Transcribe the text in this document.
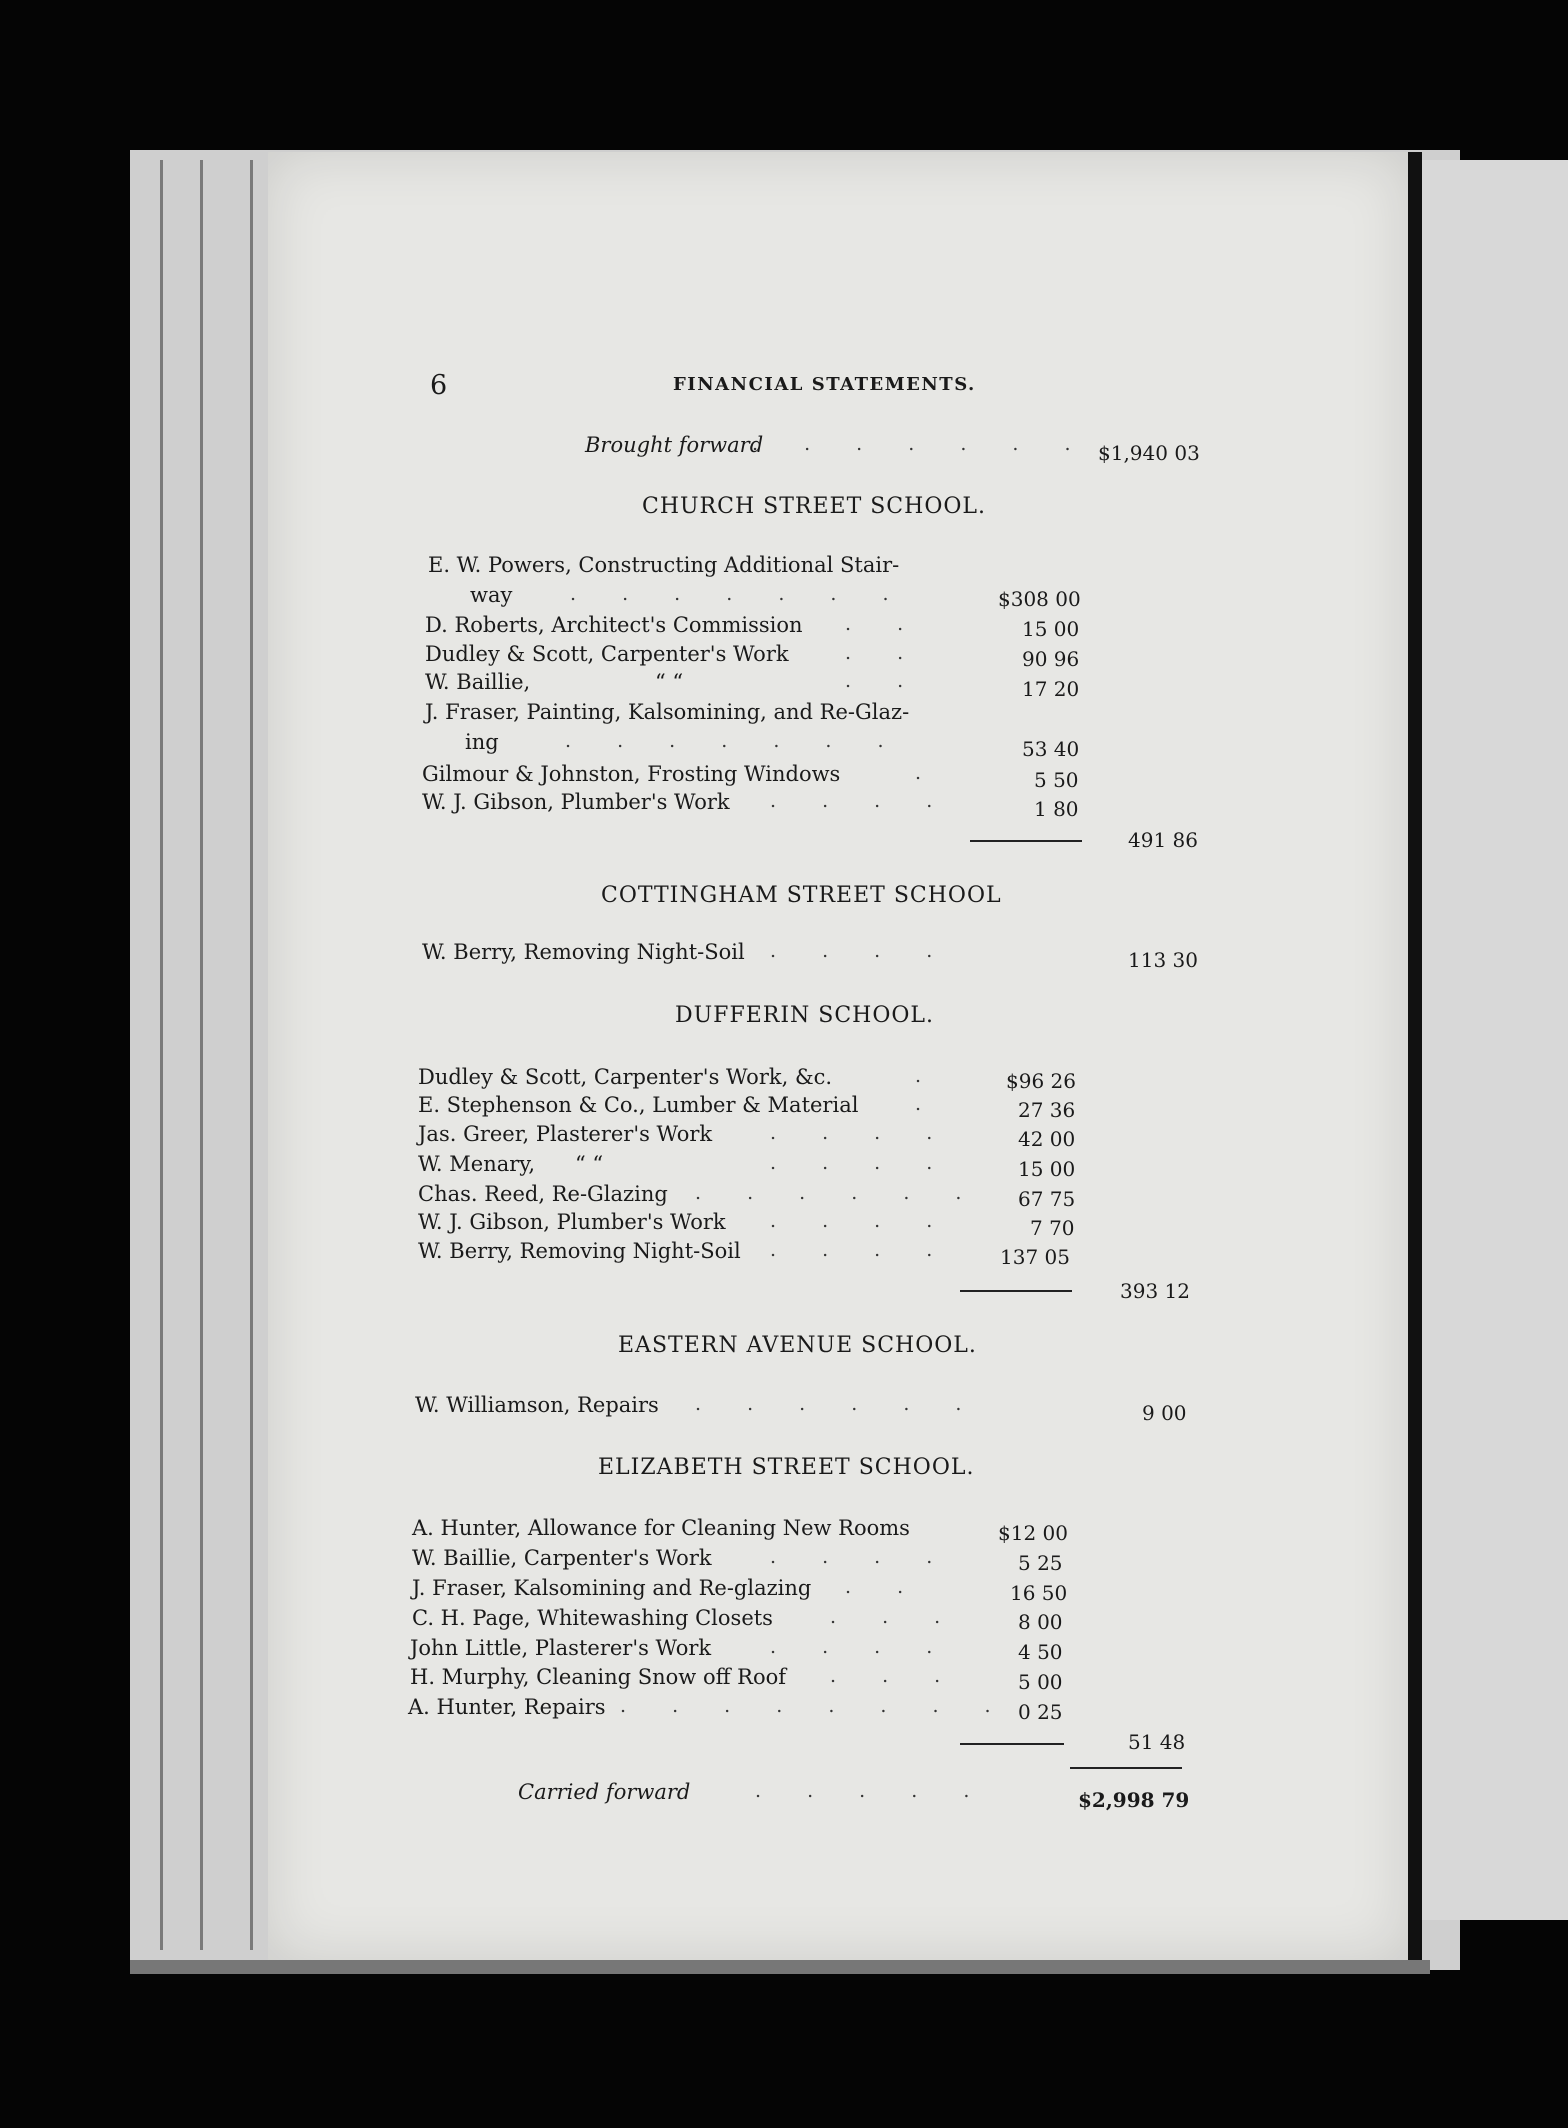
6	FINANCIAL STATEMENTS.
Brought forward
. . . . . . . $1,940 03
CHURCH STREET SCHOOL.
E. W. Powers, Constructing Additional Stair-
way	. . . . . . .	$308 00
D. Roberts, Architect's Commission . .	15 00
Dudley & Scott, Carpenter's Work	. .	90 96
W. Baillie,	“ “	. .	17 20
J. Fraser, Painting, Kalsomining, and Re-Glaz-
ing	. . . . . . .	53 40
Gilmour & Johnston, Frosting Windows	.	5 50
W. J. Gibson, Plumber's Work . . . .	1 80
491 86
COTTINGHAM STREET SCHOOL
W. Berry, Removing Night-Soil . . . .	113 30
DUFFERIN SCHOOL.
Dudley & Scott, Carpenter's Work, &c.	.	$96 26
E. Stephenson & Co., Lumber & Material	.	27 36
Jas. Greer, Plasterer's Work	. . . .	42 00
W. Menary, “ “	. . . .	15 00
Chas. Reed, Re-Glazing . . . . . . 67 75
W. J. Gibson, Plumber's Work . . . .	7 70
W. Berry, Removing Night-Soil . . . . 137 05
393 12
EASTERN AVENUE SCHOOL.
W. Williamson, Repairs . . . . . .	9 00
ELIZABETH STREET SCHOOL.
A. Hunter, Allowance for Cleaning New Rooms	$12 00
W. Baillie, Carpenter's Work	. . . .	5 25
J. Fraser, Kalsomining and Re-glazing . .	16 50
C. H. Page, Whitewashing Closets	. . .	8 00
John Little, Plasterer's Work	. . . .	4 50
H. Murphy, Cleaning Snow off Roof . . .	5 00
A. Hunter, Repairs . . . . . . . . 0 25
51 48
Carried forward	. . . . .	$2,998 79
